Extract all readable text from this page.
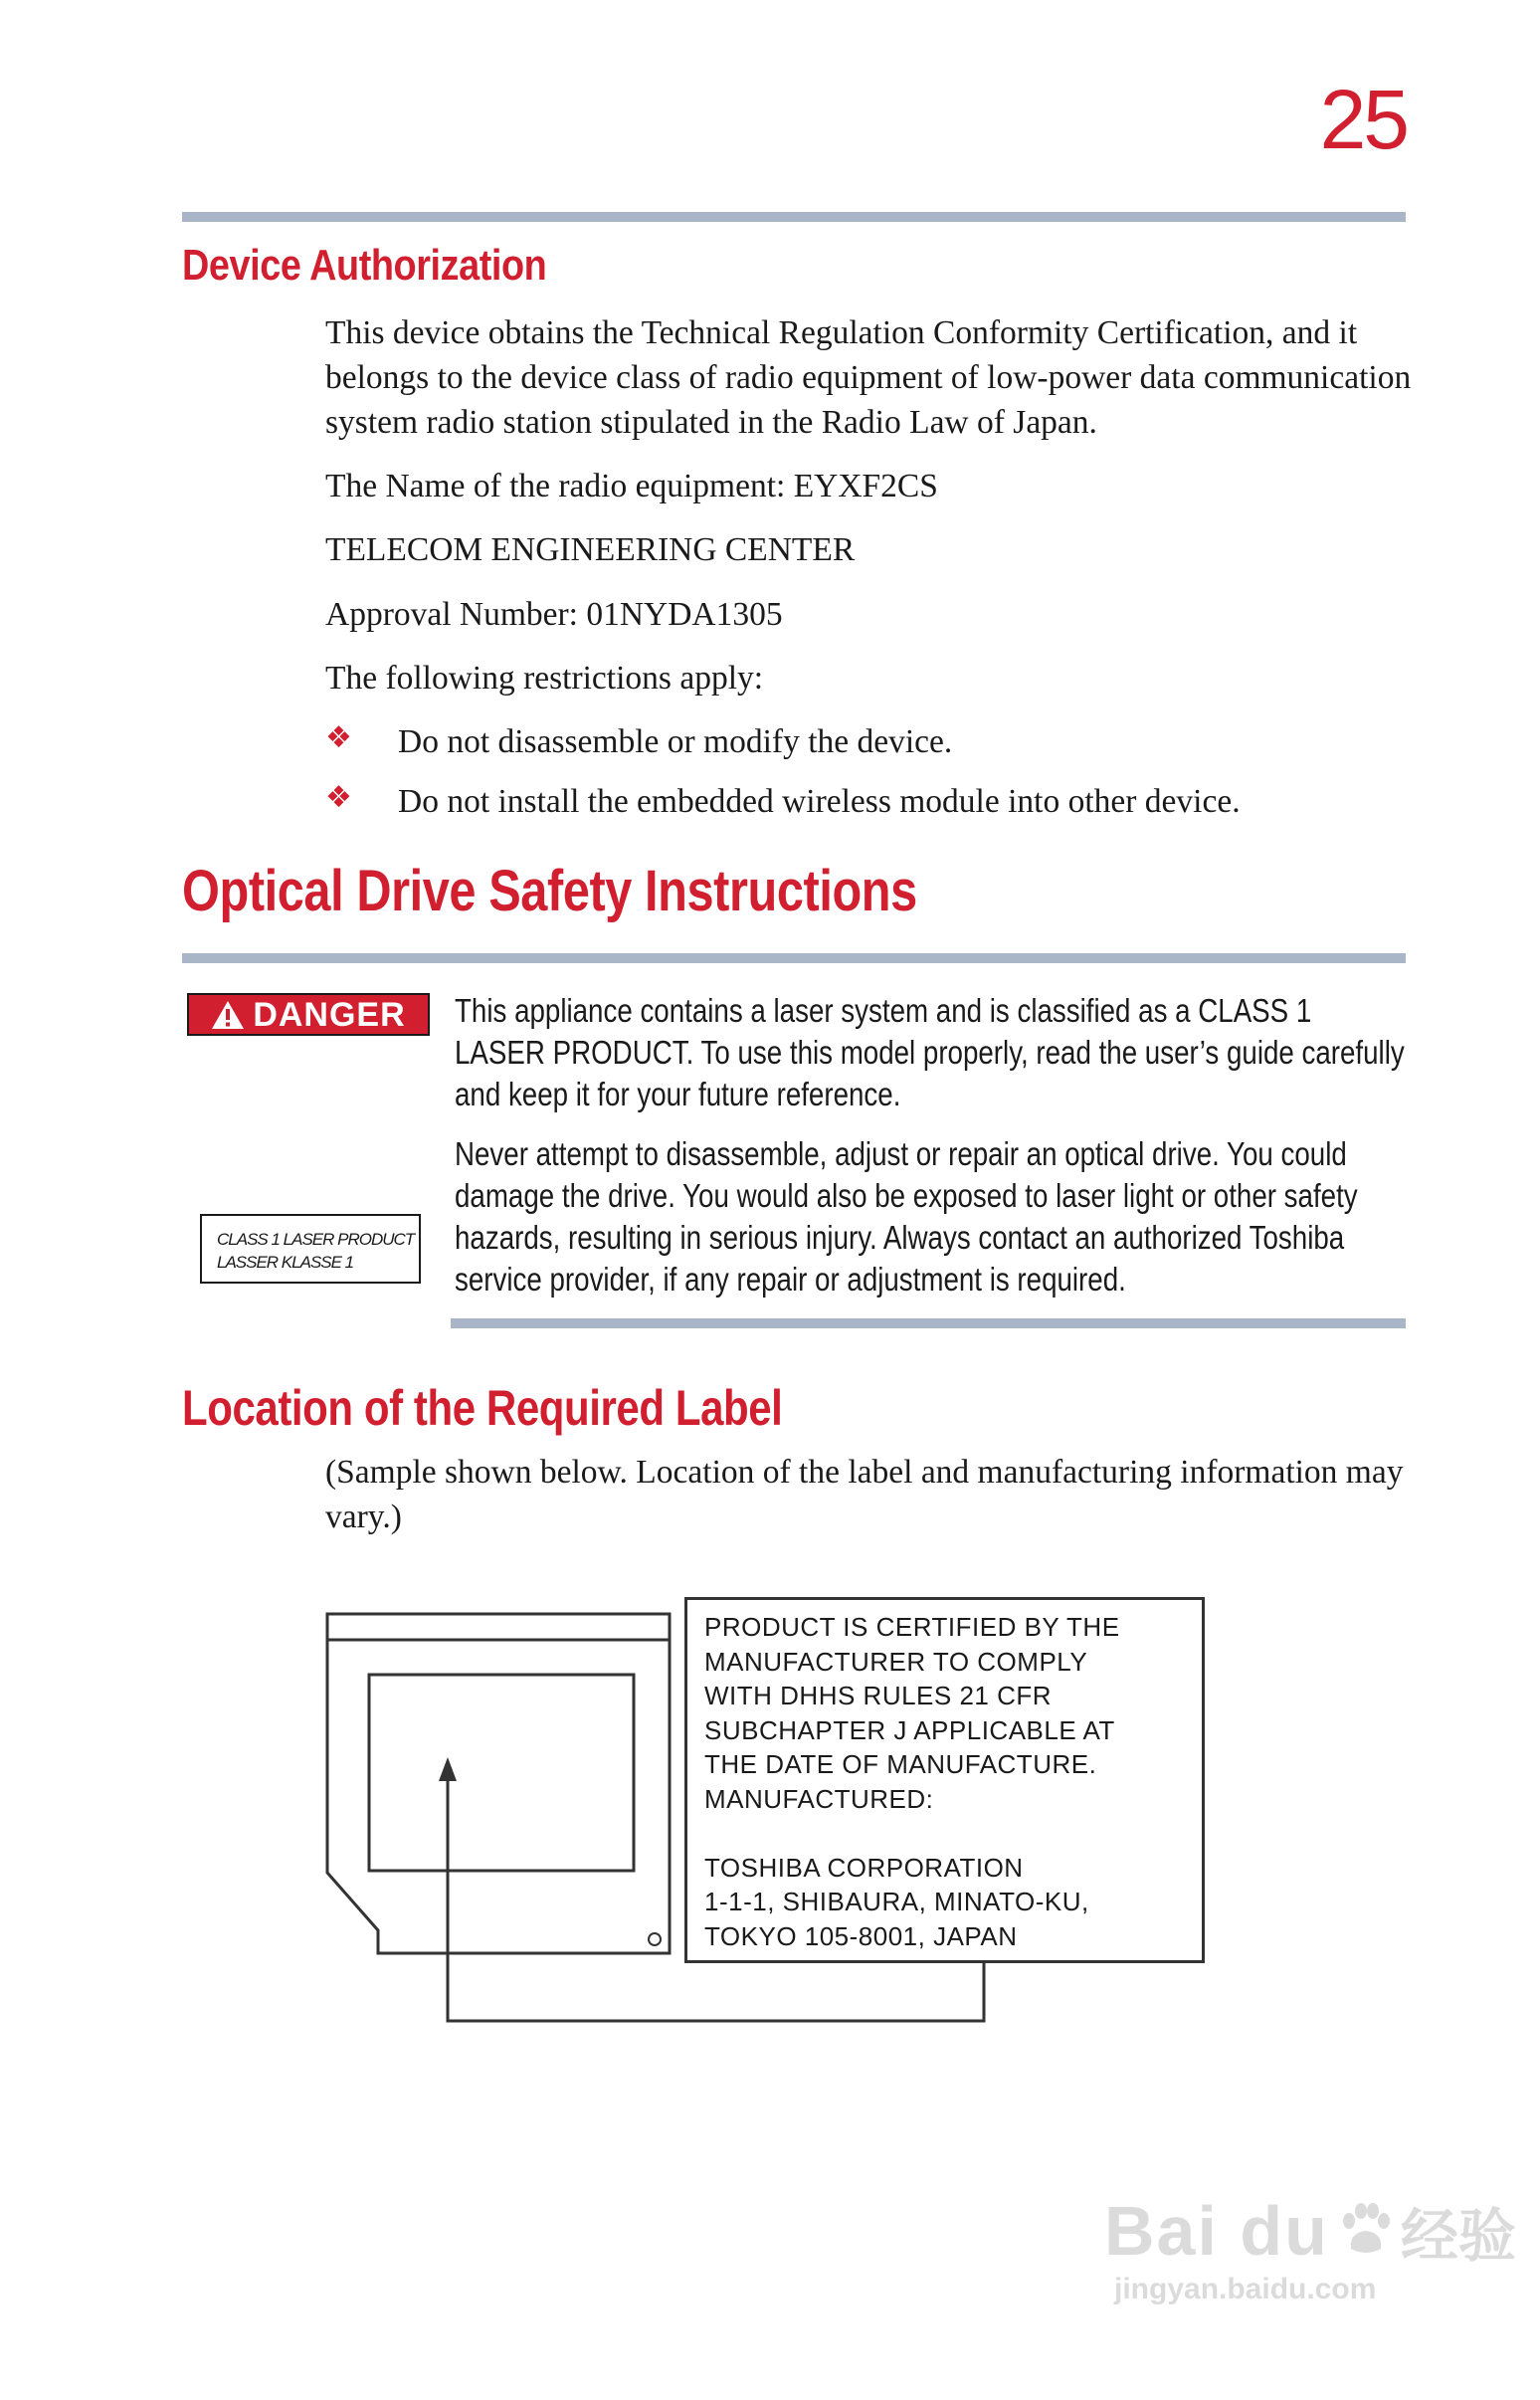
25
Device Authorization
This device obtains the Technical Regulation Conformity Certification, and it
belongs to the device class of radio equipment of low-power data communication
system radio station stipulated in the Radio Law of Japan.
The Name of the radio equipment: EYXF2CS
TELECOM ENGINEERING CENTER
Approval Number: 01NYDA1305
The following restrictions apply:
❖ Do not disassemble or modify the device.
❖ Do not install the embedded wireless module into other device.
Optical Drive Safety Instructions
DANGER This appliance contains a laser system and is classified as a CLASS 1
LASER PRODUCT. To use this model properly, read the user’s guide carefully
and keep it for your future reference.
Never attempt to disassemble, adjust or repair an optical drive. You could
damage the drive. You would also be exposed to laser light or other safety
hazards, resulting in serious injury. Always contact an authorized Toshiba
service provider, if any repair or adjustment is required.
CLASS 1 LASER PRODUCT
LASSER KLASSE 1
Location of the Required Label
(Sample shown below. Location of the label and manufacturing information may
vary.)
PRODUCT IS CERTIFIED BY THE
MANUFACTURER TO COMPLY
WITH DHHS RULES 21 CFR
SUBCHAPTER J APPLICABLE AT
THE DATE OF MANUFACTURE.
MANUFACTURED:
TOSHIBA CORPORATION
1-1-1, SHIBAURA, MINATO-KU,
TOKYO 105-8001, JAPAN
Bai du 经验
jingyan.baidu.com
